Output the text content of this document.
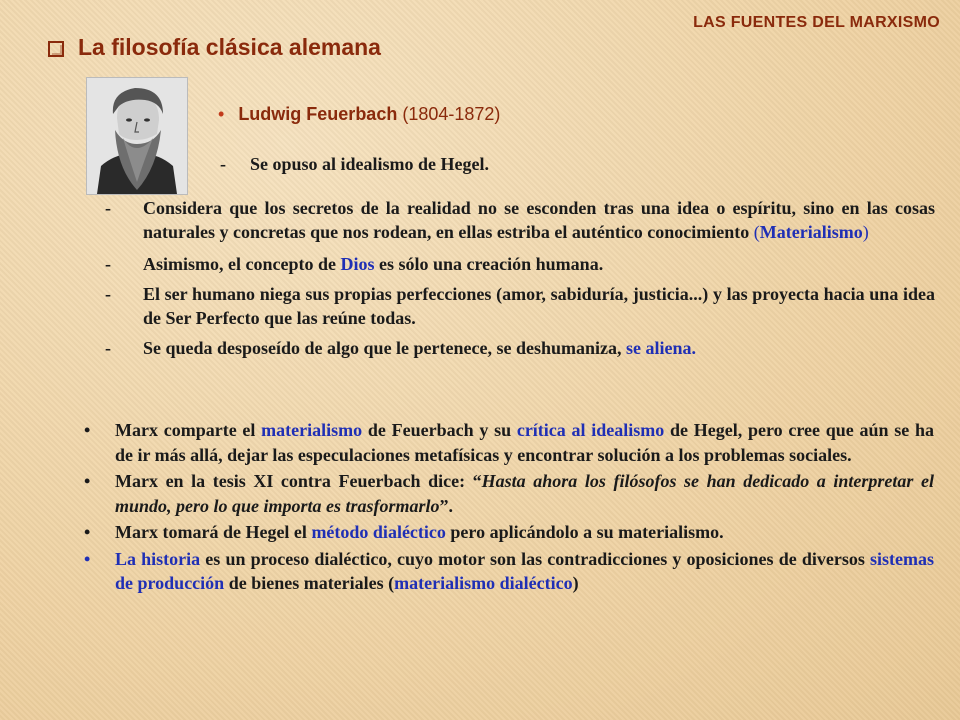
LAS FUENTES DEL MARXISMO
La filosofía clásica alemana
• Ludwig Feuerbach (1804-1872)
- Se opuso al idealismo de Hegel.
- Considera que los secretos de la realidad no se esconden tras una idea o espíritu, sino en las cosas naturales y concretas que nos rodean, en ellas estriba el auténtico conocimiento (Materialismo)
- Asimismo, el concepto de Dios es sólo una creación humana.
- El ser humano niega sus propias perfecciones (amor, sabiduría, justicia...) y las proyecta hacia una idea de Ser Perfecto que las reúne todas.
- Se queda desposeído de algo que le pertenece, se deshumaniza, se aliena.
• Marx comparte el materialismo de Feuerbach y su crítica al idealismo de Hegel, pero cree que aún se ha de ir más allá, dejar las especulaciones metafísicas y encontrar solución a los problemas sociales.
• Marx en la tesis XI contra Feuerbach dice: “Hasta ahora los filósofos se han dedicado a interpretar el mundo, pero lo que importa es trasformarlo”.
• Marx tomará de Hegel el método dialéctico pero aplicándolo a su materialismo.
• La historia es un proceso dialéctico, cuyo motor son las contradicciones y oposiciones de diversos sistemas de producción de bienes materiales (materialismo dialéctico)
